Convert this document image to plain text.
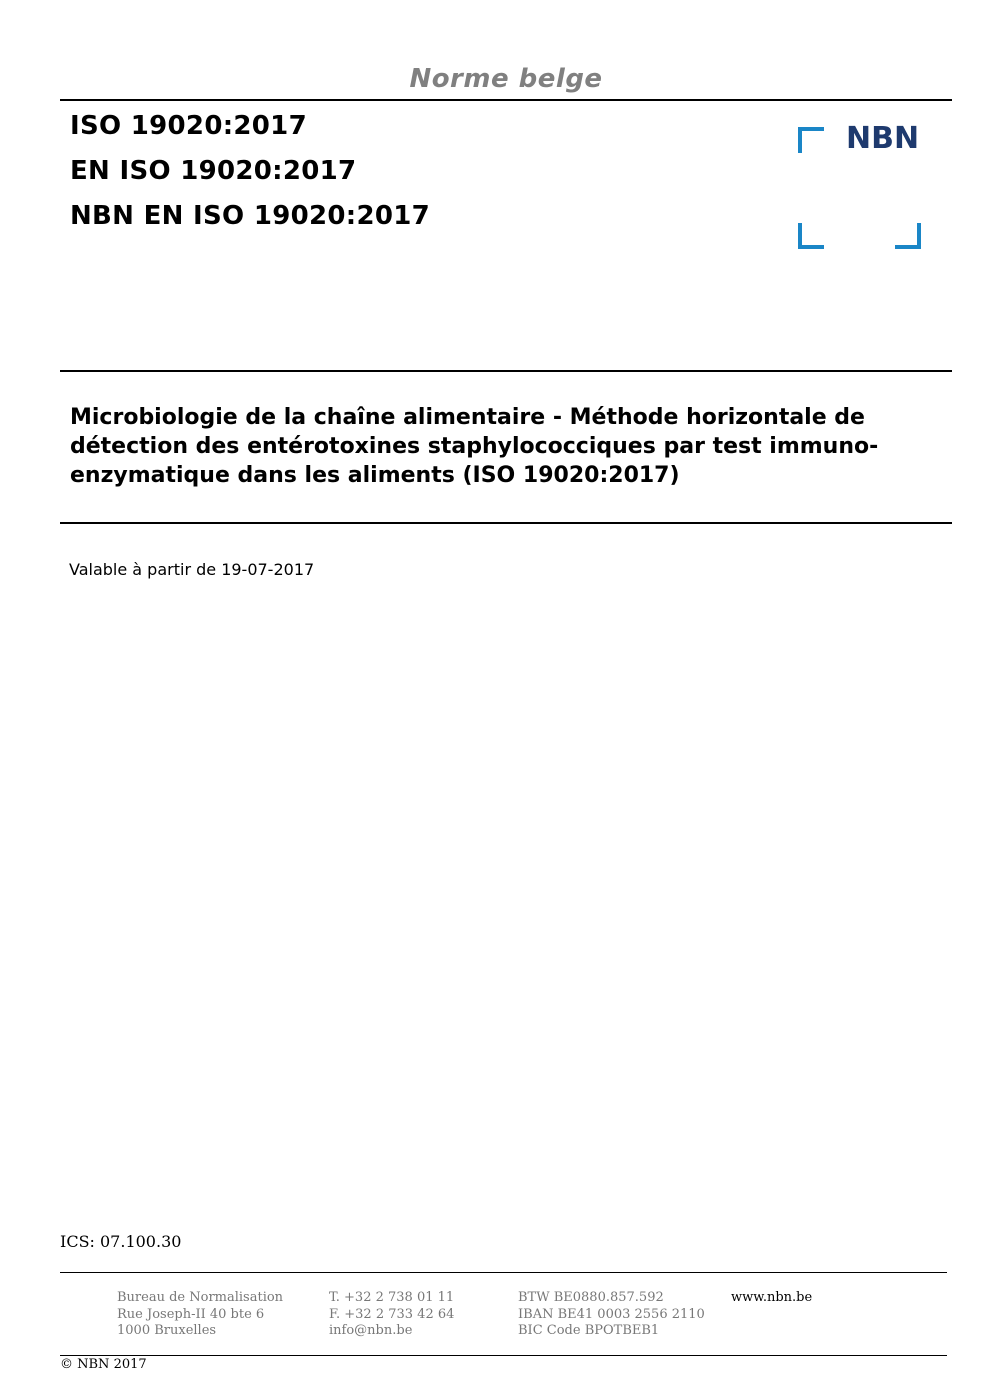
Norme belge
ISO 19020:2017
EN ISO 19020:2017
NBN EN ISO 19020:2017
NBN
Microbiologie de la chaîne alimentaire - Méthode horizontale de
détection des entérotoxines staphylococciques par test immuno-
enzymatique dans les aliments (ISO 19020:2017)
Valable à partir de 19-07-2017
ICS: 07.100.30
Bureau de Normalisation
Rue Joseph-II 40 bte 6
1000 Bruxelles
T. +32 2 738 01 11
F. +32 2 733 42 64
info@nbn.be
BTW BE0880.857.592
IBAN BE41 0003 2556 2110
BIC Code BPOTBEB1
www.nbn.be
© NBN 2017
